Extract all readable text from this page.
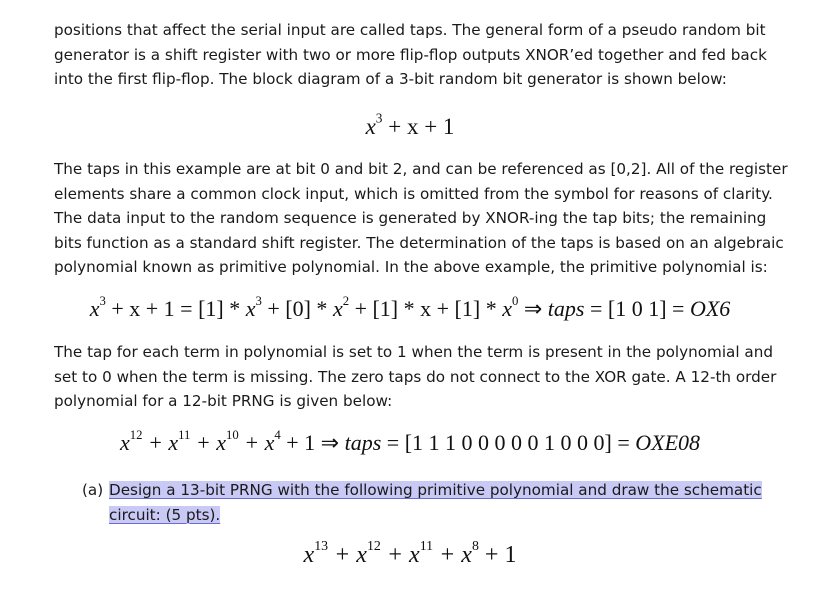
positions that affect the serial input are called taps. The general form of a pseudo random bit generator is a shift register with two or more flip-flop outputs XNOR’ed together and fed back into the first flip-flop. The block diagram of a 3-bit random bit generator is shown below:

$x^3 + x + 1$

The taps in this example are at bit 0 and bit 2, and can be referenced as [0,2]. All of the register elements share a common clock input, which is omitted from the symbol for reasons of clarity. The data input to the random sequence is generated by XNOR-ing the tap bits; the remaining bits function as a standard shift register. The determination of the taps is based on an algebraic polynomial known as primitive polynomial. In the above example, the primitive polynomial is:

$x^3 + x + 1 = [1] * x^3 + [0] * x^2 + [1] * x + [1] * x^0$ ⇒ taps = [1 0 1] = OX6

The tap for each term in polynomial is set to 1 when the term is present in the polynomial and set to 0 when the term is missing. The zero taps do not connect to the XOR gate. A 12-th order polynomial for a 12-bit PRNG is given below:

$x^{12} + x^{11} + x^{10} + x^4 + 1$ ⇒ taps = [1 1 1 0 0 0 0 0 1 0 0 0] = OXE08
(a) Design a 13-bit PRNG with the following primitive polynomial and draw the schematic circuit: (5 pts).
$x^{13} + x^{12} + x^{11} + x^8 + 1$
